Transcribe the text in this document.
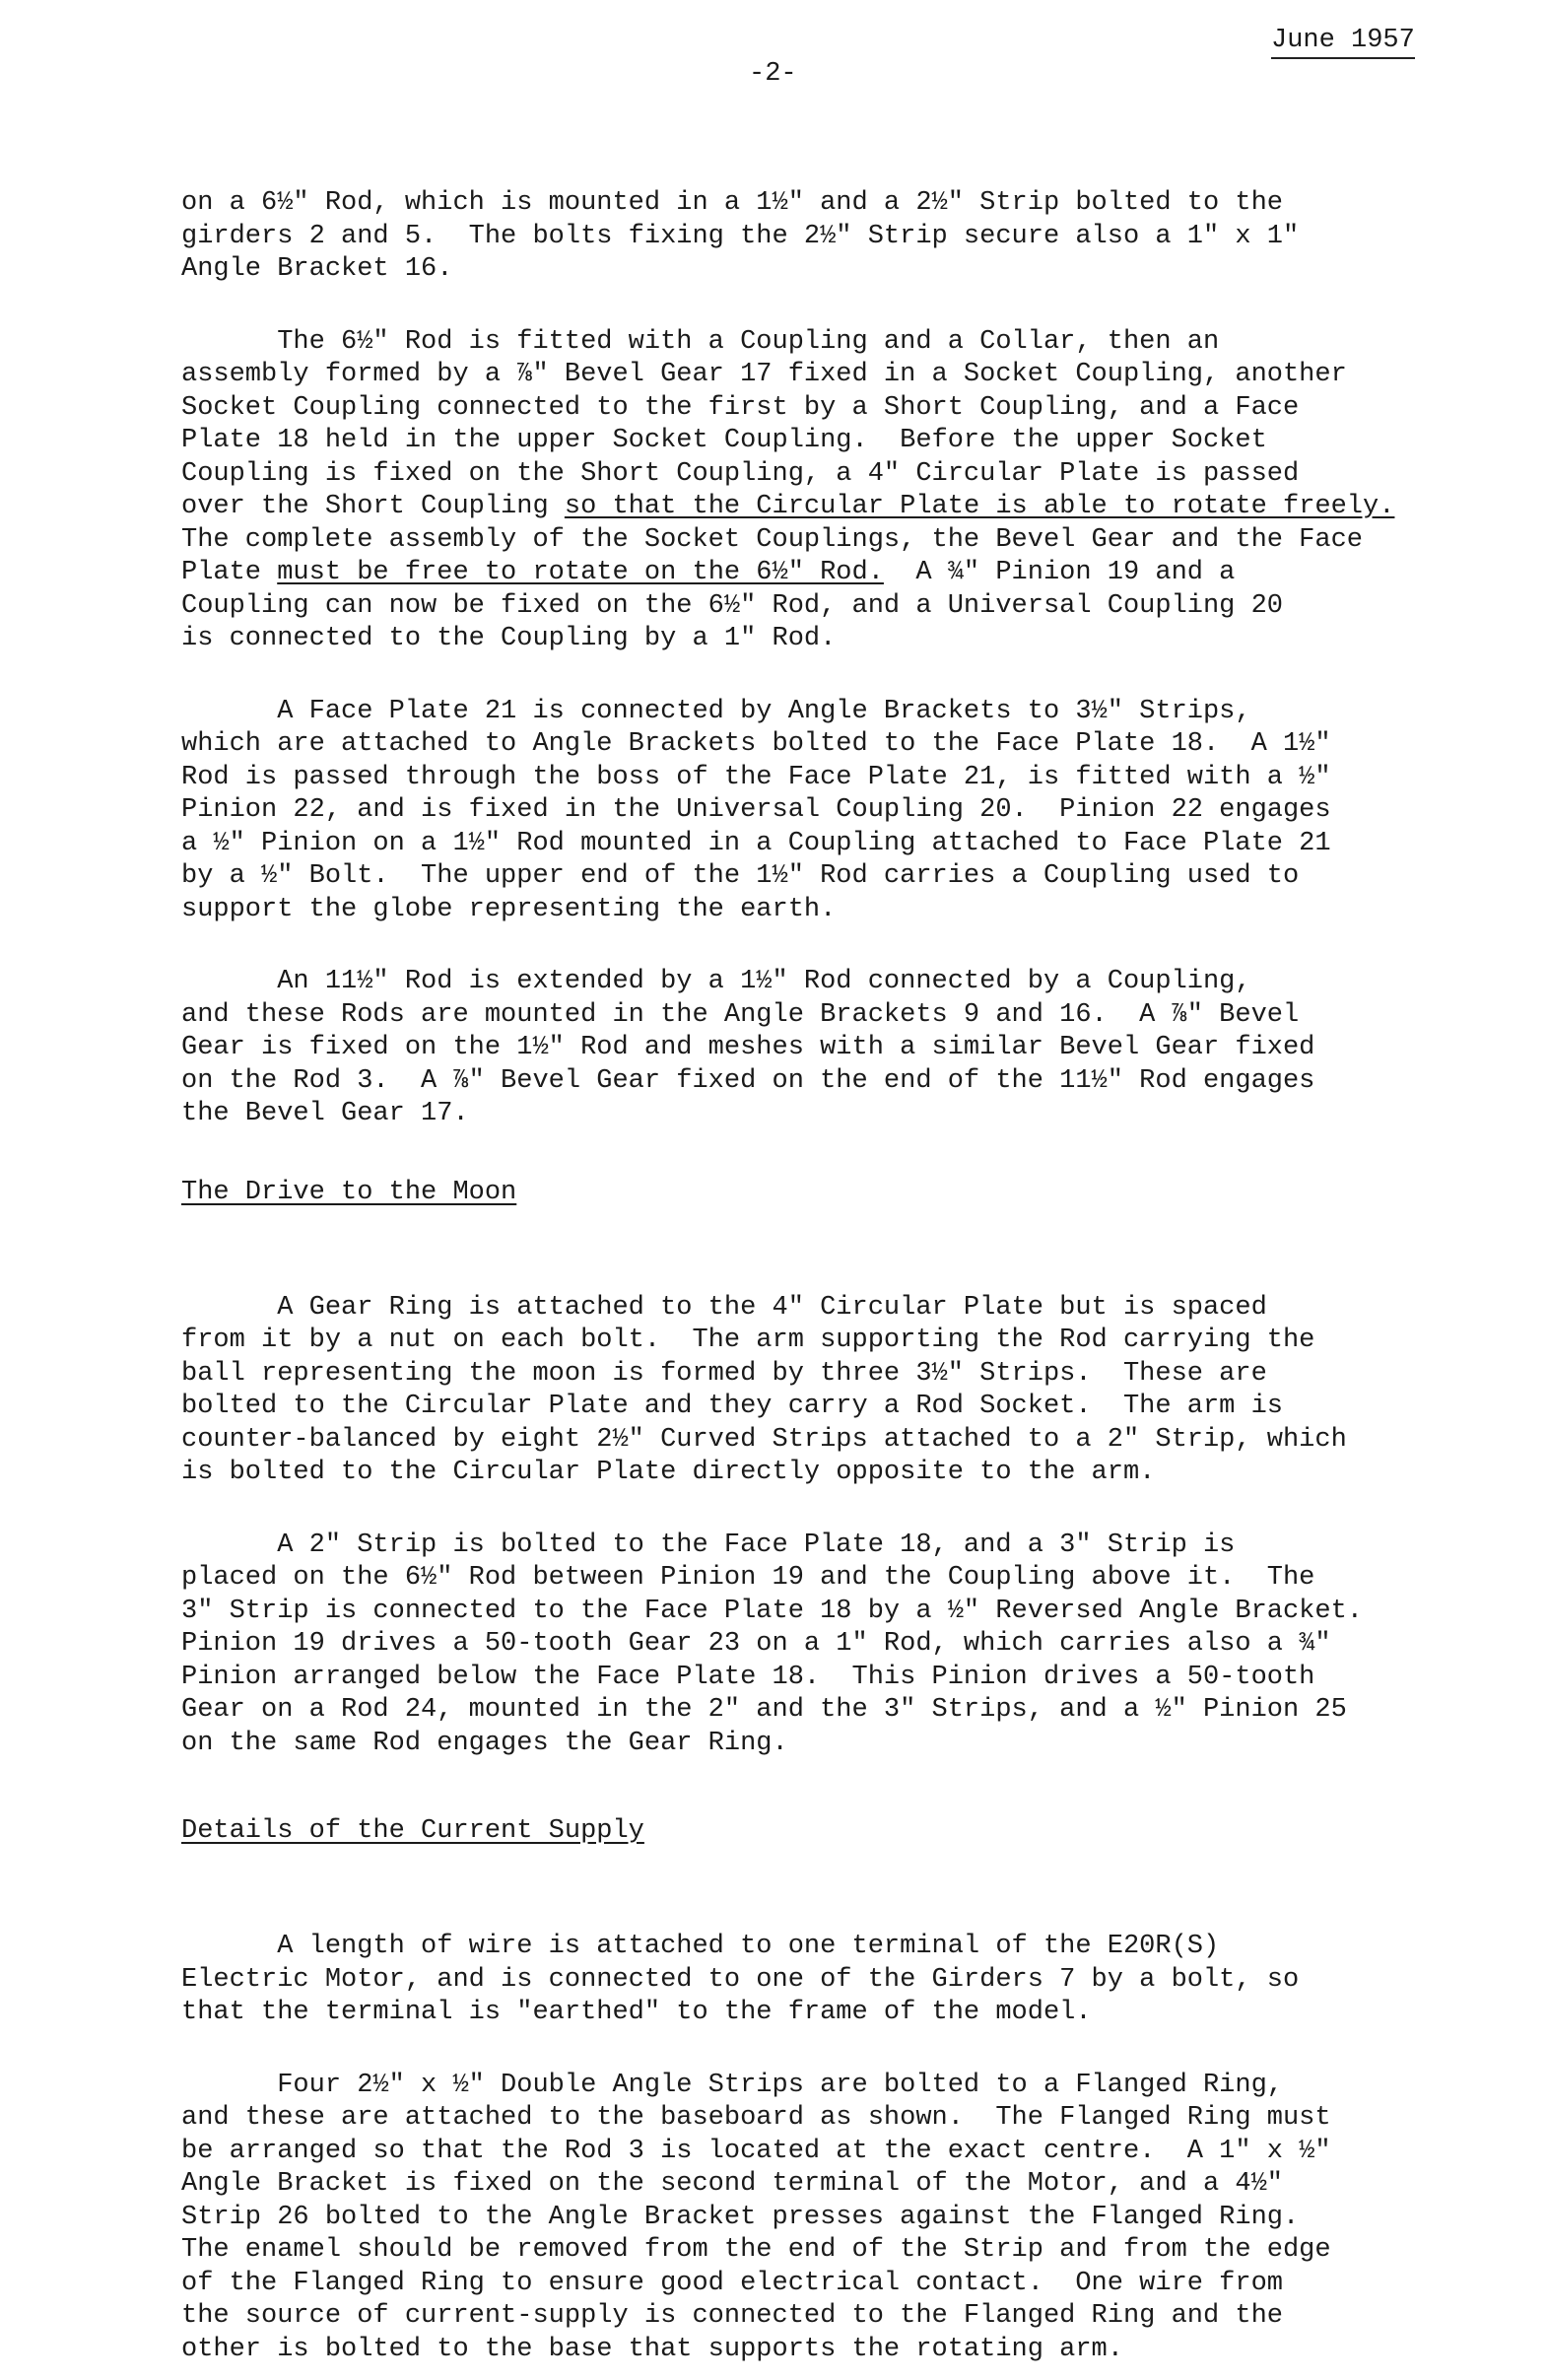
June 1957
-2-

on a 6½" Rod, which is mounted in a 1½" and a 2½" Strip bolted to the
girders 2 and 5.  The bolts fixing the 2½" Strip secure also a 1" x 1"
Angle Bracket 16.

The 6½" Rod is fitted with a Coupling and a Collar, then an
assembly formed by a ⅞" Bevel Gear 17 fixed in a Socket Coupling, another
Socket Coupling connected to the first by a Short Coupling, and a Face
Plate 18 held in the upper Socket Coupling.  Before the upper Socket
Coupling is fixed on the Short Coupling, a 4" Circular Plate is passed
over the Short Coupling so that the Circular Plate is able to rotate freely.
The complete assembly of the Socket Couplings, the Bevel Gear and the Face
Plate must be free to rotate on the 6½" Rod.  A ¾" Pinion 19 and a
Coupling can now be fixed on the 6½" Rod, and a Universal Coupling 20
is connected to the Coupling by a 1" Rod.

A Face Plate 21 is connected by Angle Brackets to 3½" Strips,
which are attached to Angle Brackets bolted to the Face Plate 18.  A 1½"
Rod is passed through the boss of the Face Plate 21, is fitted with a ½"
Pinion 22, and is fixed in the Universal Coupling 20.  Pinion 22 engages
a ½" Pinion on a 1½" Rod mounted in a Coupling attached to Face Plate 21
by a ½" Bolt.  The upper end of the 1½" Rod carries a Coupling used to
support the globe representing the earth.

An 11½" Rod is extended by a 1½" Rod connected by a Coupling,
and these Rods are mounted in the Angle Brackets 9 and 16.  A ⅞" Bevel
Gear is fixed on the 1½" Rod and meshes with a similar Bevel Gear fixed
on the Rod 3.  A ⅞" Bevel Gear fixed on the end of the 11½" Rod engages
the Bevel Gear 17.

The Drive to the Moon

A Gear Ring is attached to the 4" Circular Plate but is spaced
from it by a nut on each bolt.  The arm supporting the Rod carrying the
ball representing the moon is formed by three 3½" Strips.  These are
bolted to the Circular Plate and they carry a Rod Socket.  The arm is
counter-balanced by eight 2½" Curved Strips attached to a 2" Strip, which
is bolted to the Circular Plate directly opposite to the arm.

A 2" Strip is bolted to the Face Plate 18, and a 3" Strip is
placed on the 6½" Rod between Pinion 19 and the Coupling above it.  The
3" Strip is connected to the Face Plate 18 by a ½" Reversed Angle Bracket.
Pinion 19 drives a 50-tooth Gear 23 on a 1" Rod, which carries also a ¾"
Pinion arranged below the Face Plate 18.  This Pinion drives a 50-tooth
Gear on a Rod 24, mounted in the 2" and the 3" Strips, and a ½" Pinion 25
on the same Rod engages the Gear Ring.

Details of the Current Supply

A length of wire is attached to one terminal of the E20R(S)
Electric Motor, and is connected to one of the Girders 7 by a bolt, so
that the terminal is "earthed" to the frame of the model.

Four 2½" x ½" Double Angle Strips are bolted to a Flanged Ring,
and these are attached to the baseboard as shown.  The Flanged Ring must
be arranged so that the Rod 3 is located at the exact centre.  A 1" x ½"
Angle Bracket is fixed on the second terminal of the Motor, and a 4½"
Strip 26 bolted to the Angle Bracket presses against the Flanged Ring.
The enamel should be removed from the end of the Strip and from the edge
of the Flanged Ring to ensure good electrical contact.  One wire from
the source of current-supply is connected to the Flanged Ring and the
other is bolted to the base that supports the rotating arm.
